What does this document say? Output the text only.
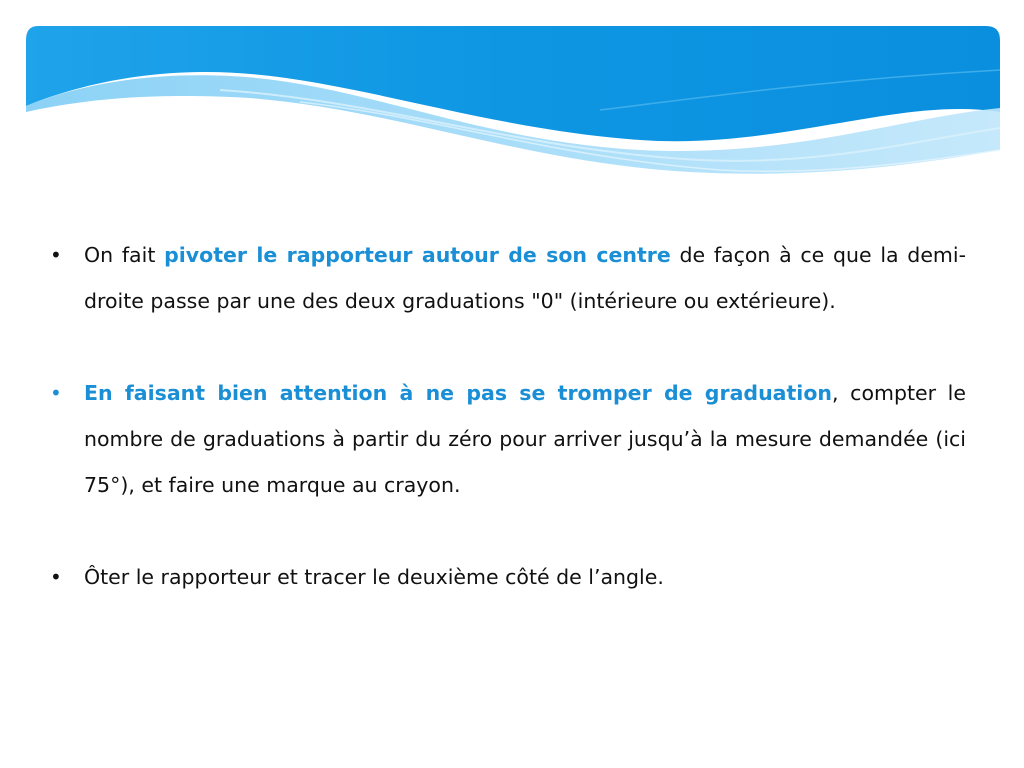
• On fait pivoter le rapporteur autour de son centre de façon à ce que la demi-droite passe par une des deux graduations "0" (intérieure ou extérieure).

• En faisant bien attention à ne pas se tromper de graduation, compter le nombre de graduations à partir du zéro pour arriver jusqu’à la mesure demandée (ici 75°), et faire une marque au crayon.

• Ôter le rapporteur et tracer le deuxième côté de l’angle.
